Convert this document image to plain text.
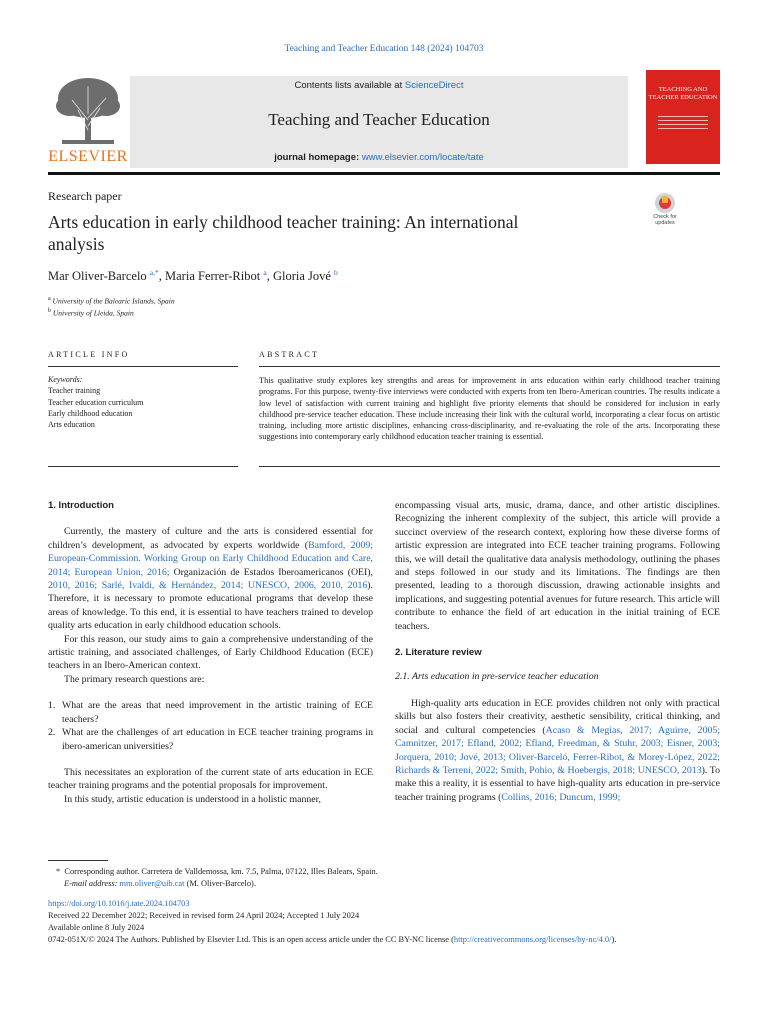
Teaching and Teacher Education 148 (2024) 104703
ELSEVIER
Contents lists available at ScienceDirect
Teaching and Teacher Education
journal homepage: www.elsevier.com/locate/tate
TEACHING AND TEACHER EDUCATION
Research paper
Check for updates
Arts education in early childhood teacher training: An international analysis
Mar Oliver-Barcelo $^{a,*}$, Maria Ferrer-Ribot $^a$, Gloria Jové $^b$
$^a$ University of the Balearic Islands, Spain
$^b$ University of Lleida, Spain
ARTICLE INFO	ABSTRACT
Keywords:
Teacher training
Teacher education curriculum
Early childhood education
Arts education
This qualitative study explores key strengths and areas for improvement in arts education within early childhood teacher training programs. For this purpose, twenty-five interviews were conducted with experts from ten Ibero-American countries. The results indicate a low level of satisfaction with current training and highlight five priority elements that should be considered for inclusion in early childhood pre-service teacher education. These include increasing their link with the cultural world, incorporating a clear focus on artistic training, including more artistic disciplines, enhancing cross-disciplinarity, and re-evaluating the role of the arts. Incorporating these suggestions into contemporary early childhood education teacher training is essential.
1. Introduction

Currently, the mastery of culture and the arts is considered essential for children’s development, as advocated by experts worldwide (Bamford, 2009; European-Commission. Working Group on Early Childhood Education and Care, 2014; European Union, 2016; Organización de Estados Iberoamericanos (OEI), 2010, 2016; Sarlé, Ivaldi, & Hernández, 2014; UNESCO, 2006, 2010, 2016). Therefore, it is necessary to promote educational programs that develop these areas of knowledge. To this end, it is essential to have teachers trained to develop quality arts education in early childhood education schools.

For this reason, our study aims to gain a comprehensive understanding of the artistic training, and associated challenges, of Early Childhood Education (ECE) teachers in an Ibero-American context.

The primary research questions are:

1. What are the areas that need improvement in the artistic training of ECE teachers?
2. What are the challenges of art education in ECE teacher training programs in ibero-american universities?

This necessitates an exploration of the current state of arts education in ECE teacher training programs and the potential proposals for improvement.

In this study, artistic education is understood in a holistic manner,

encompassing visual arts, music, drama, dance, and other artistic disciplines. Recognizing the inherent complexity of the subject, this article will provide a succinct overview of the research context, exploring how these diverse forms of artistic expression are integrated into ECE teacher training programs. Following this, we will detail the qualitative data analysis methodology, outlining the phases and steps followed in our study and its limitations. The findings are then presented, leading to a thorough discussion, drawing actionable insights and implications, and suggesting potential avenues for future research. This article will contribute to enhance the field of art education in the initial training of ECE teachers.

2. Literature review
2.1. Arts education in pre-service teacher education

High-quality arts education in ECE provides children not only with practical skills but also fosters their creativity, aesthetic sensibility, critical thinking, and social and cultural competencies (Acaso & Megías, 2017; Aguirre, 2005; Camnitzer, 2017; Efland, 2002; Efland, Freedman, & Stuhr, 2003; Eisner, 2003; Jorquera, 2010; Jové, 2013; Oliver-Barceló, Ferrer-Ribot, & Morey-López, 2022; Richards & Terreni, 2022; Smith, Pohio, & Hoebergis, 2018; UNESCO, 2013). To make this a reality, it is essential to have high-quality arts education in pre-service teacher training programs (Collins, 2016; Duncum, 1999;

* Corresponding author. Carretera de Valldemossa, km. 7.5, Palma, 07122, Illes Balears, Spain.
E-mail address: mm.oliver@uib.cat (M. Oliver-Barcelo).
https://doi.org/10.1016/j.tate.2024.104703
Received 22 December 2022; Received in revised form 24 April 2024; Accepted 1 July 2024
Available online 8 July 2024
0742-051X/© 2024 The Authors. Published by Elsevier Ltd. This is an open access article under the CC BY-NC license (http://creativecommons.org/licenses/by-nc/4.0/).
